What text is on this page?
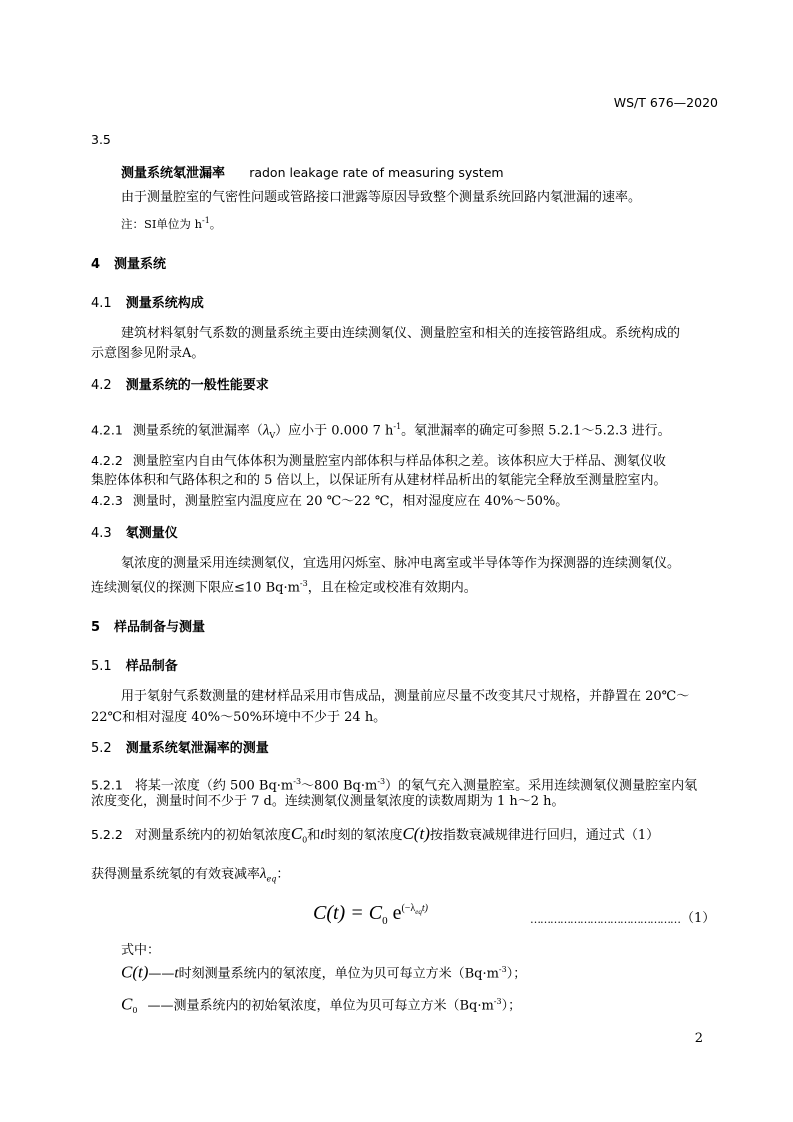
WS/T 676—2020
3.5
测量系统氡泄漏率 radon leakage rate of measuring system
由于测量腔室的气密性问题或管路接口泄露等原因导致整个测量系统回路内氡泄漏的速率。
注：SI单位为 $h^{-1}$。
4 测量系统
4.1 测量系统构成
建筑材料氡射气系数的测量系统主要由连续测氡仪、测量腔室和相关的连接管路组成。系统构成的
示意图参见附录A。
4.2 测量系统的一般性能要求
4.2.1 测量系统的氡泄漏率$(\lambda_V)$应小于 0.000 7 $h^{-1}$。氡泄漏率的确定可参照 5.2.1～5.2.3 进行。
4.2.2 测量腔室内自由气体体积为测量腔室内部体积与样品体积之差。该体积应大于样品、测氡仪收
集腔体体积和气路体积之和的 5 倍以上，以保证所有从建材样品析出的氡能完全释放至测量腔室内。
4.2.3 测量时，测量腔室内温度应在 20 ℃～22 ℃，相对湿度应在 40%～50%。
4.3 氡测量仪
氡浓度的测量采用连续测氡仪，宜选用闪烁室、脉冲电离室或半导体等作为探测器的连续测氡仪。
连续测氡仪的探测下限应≤10 $Bq\cdot m^{-3}$，且在检定或校准有效期内。
5 样品制备与测量
5.1 样品制备
用于氡射气系数测量的建材样品采用市售成品，测量前应尽量不改变其尺寸规格，并静置在 20℃～
22℃和相对湿度 40%～50%环境中不少于 24 h。
5.2 测量系统氡泄漏率的测量
5.2.1 将某一浓度（约 500 $Bq\cdot m^{-3}\sim 800$ $Bq\cdot m^{-3}$）的氡气充入测量腔室。采用连续测氡仪测量腔室内氡
浓度变化，测量时间不少于 7 d。连续测氡仪测量氡浓度的读数周期为 1 h～2 h。
5.2.2 对测量系统内的初始氡浓度$C_0$和t时刻的氡浓度C(t)按指数衰减规律进行回归，通过式（1）
获得测量系统氡的有效衰减率$\lambda_{eq}$：
$C(t) = C_0$ $e^{(-\lambda_{eq}t)}$
……………………………………… （1）
式中：
C(t)——t时刻测量系统内的氡浓度，单位为贝可每立方米$(Bq\cdot m^{-3})$；
$C_0$ ——测量系统内的初始氡浓度，单位为贝可每立方米$(Bq\cdot m^{-3})$；
2
